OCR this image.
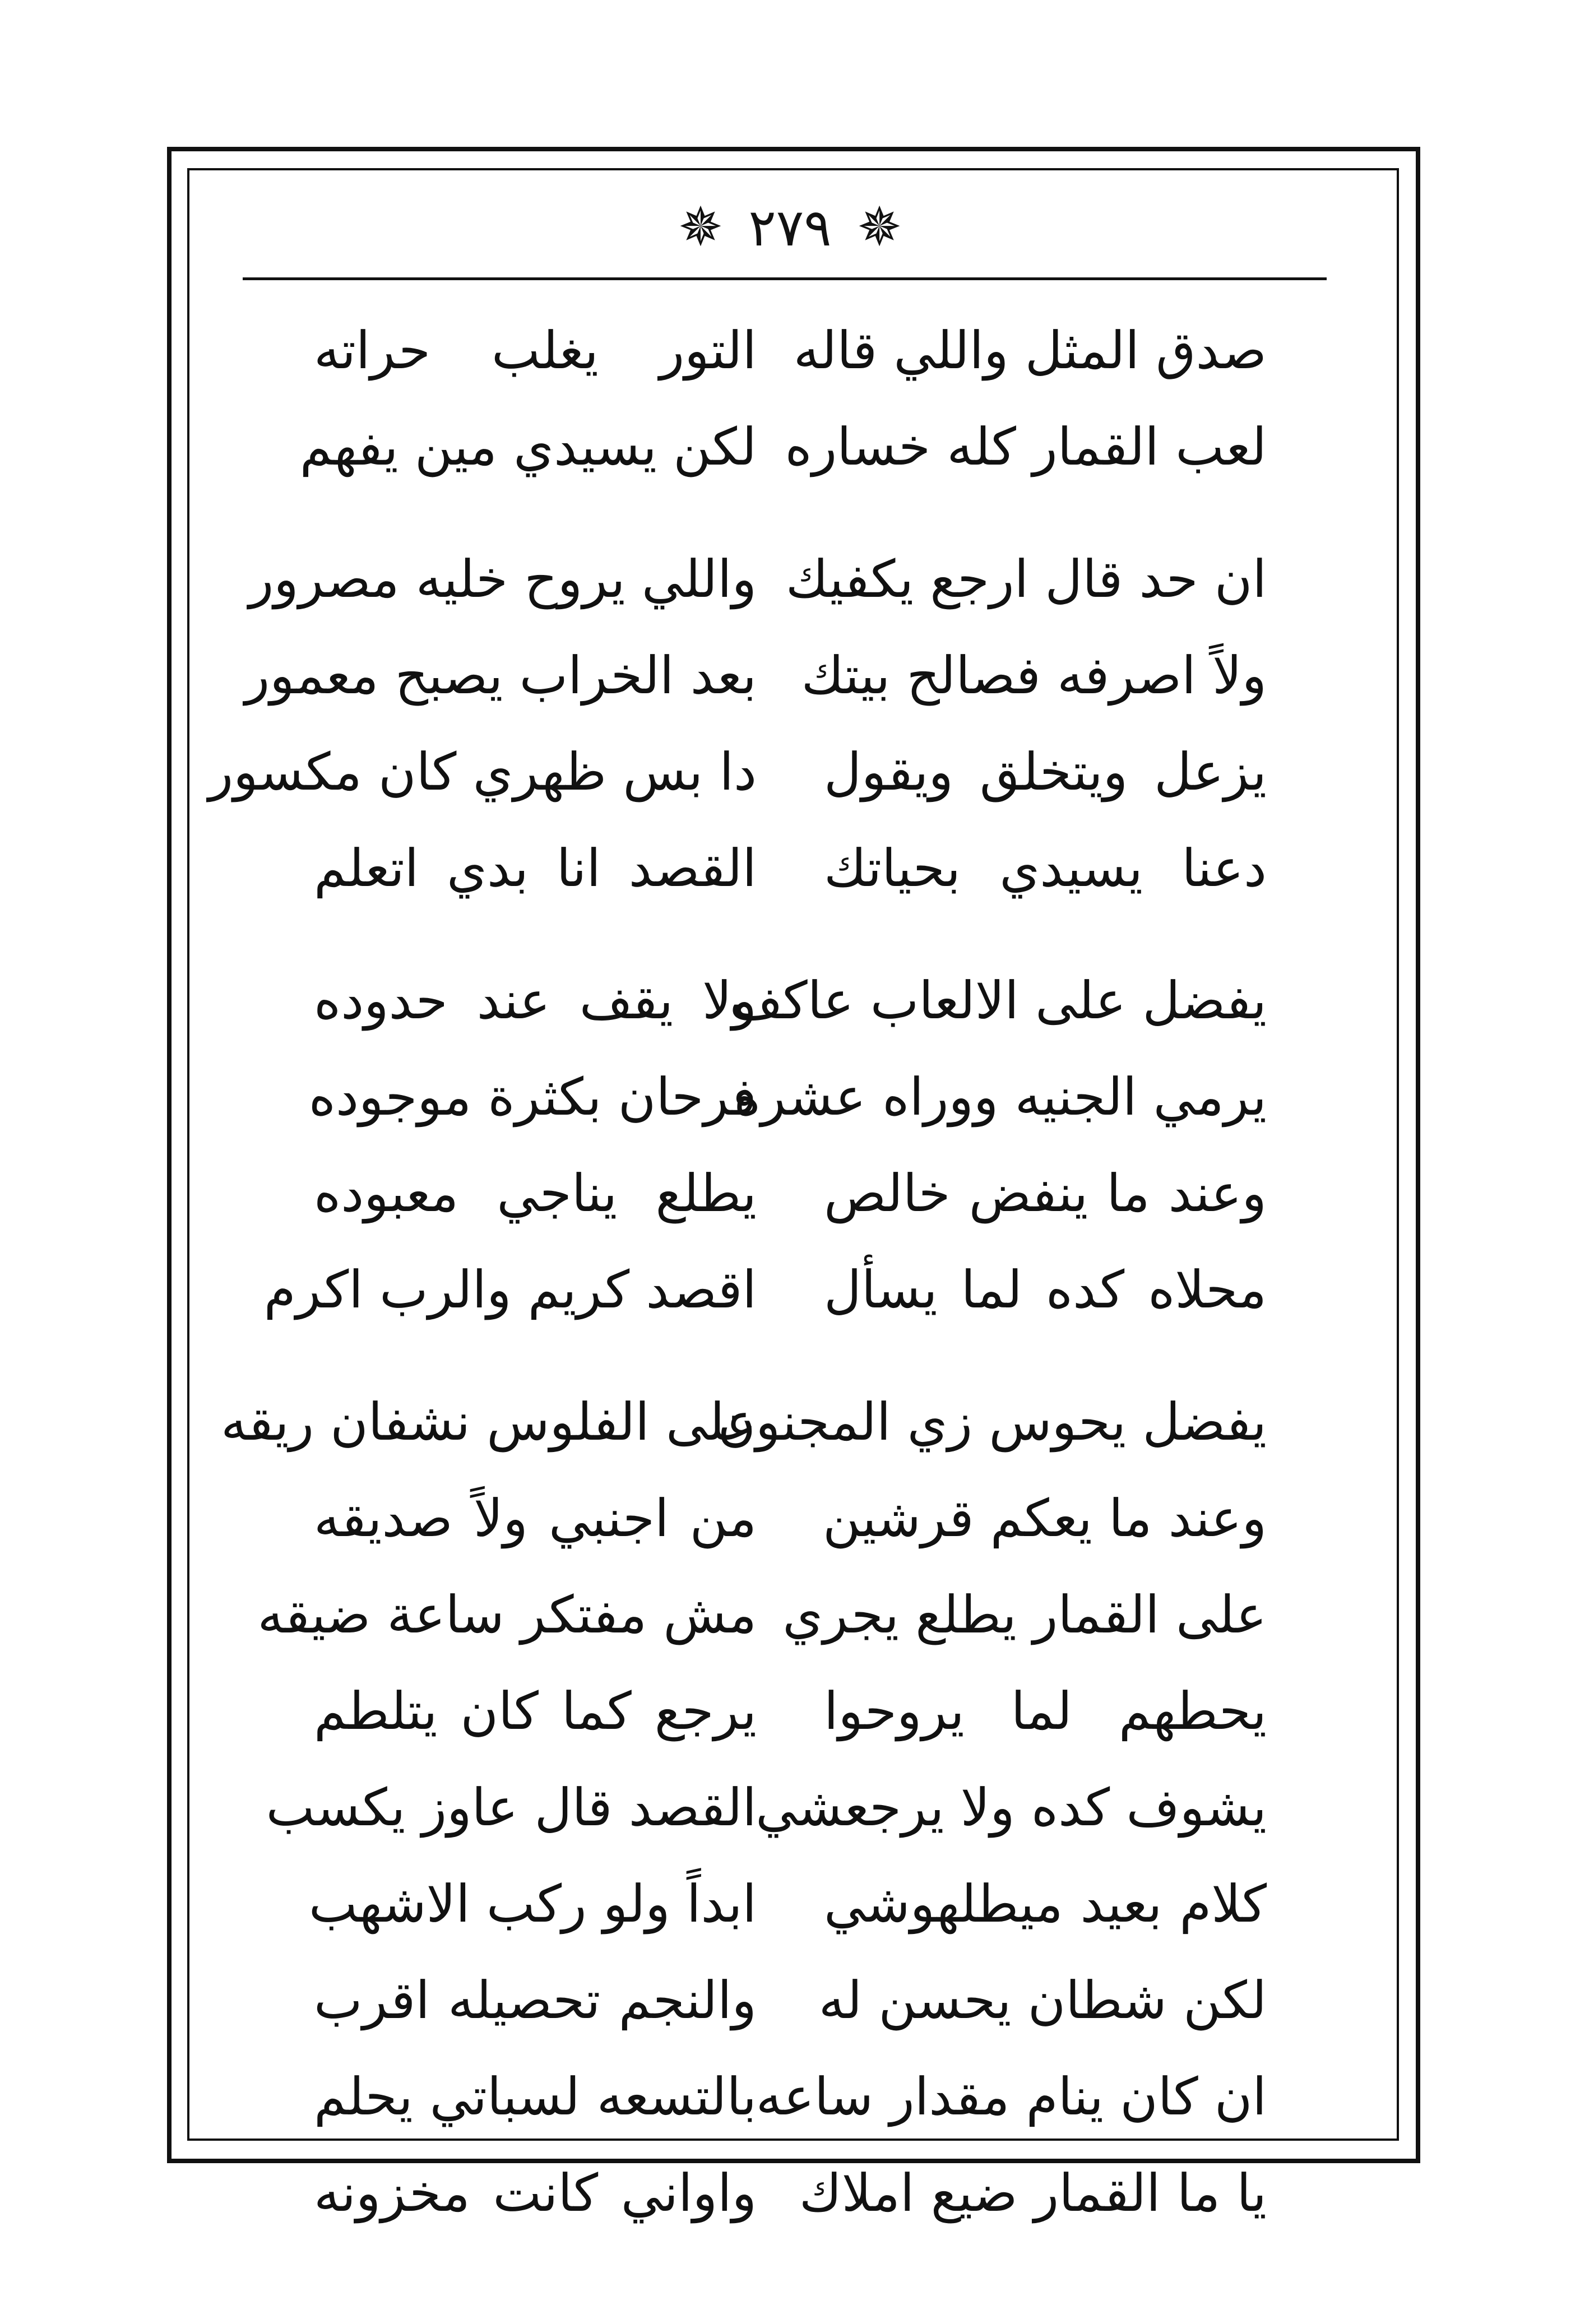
✵ ٢٧٩ ✵
صدق المثل واللي قاله
التور يغلب حراته
لعب القمار كله خساره
لكن يسيدي مين يفهم
ان حد قال ارجع يكفيك
واللي يروح خليه مصرور
ولاً اصرفه فصالح بيتك
بعد الخراب يصبح معمور
يزعل ويتخلق ويقول
دا بس ظهري كان مكسور
دعنا يسيدي بحياتك
القصد انا بدي اتعلم
يفضل على الالعاب عاكف
ولا يقف عند حدوده
يرمي الجنيه ووراه عشره
فرحان بكثرة موجوده
وعند ما ينفض خالص
يطلع يناجي معبوده
محلاه كده لما يسأل
اقصد كريم والرب اكرم
يفضل يحوس زي المجنون
على الفلوس نشفان ريقه
وعند ما يعكم قرشين
من اجنبي ولاً صديقه
على القمار يطلع يجري
مش مفتكر ساعة ضيقه
يحطهم لما يروحوا
يرجع كما كان يتلطم
يشوف كده ولا يرجعشي
القصد قال عاوز يكسب
كلام بعيد ميطلهوشي
ابداً ولو ركب الاشهب
لكن شطان يحسن له
والنجم تحصيله اقرب
ان كان ينام مقدار ساعه
بالتسعه لسباتي يحلم
يا ما القمار ضيع املاك
واواني كانت مخزونه
